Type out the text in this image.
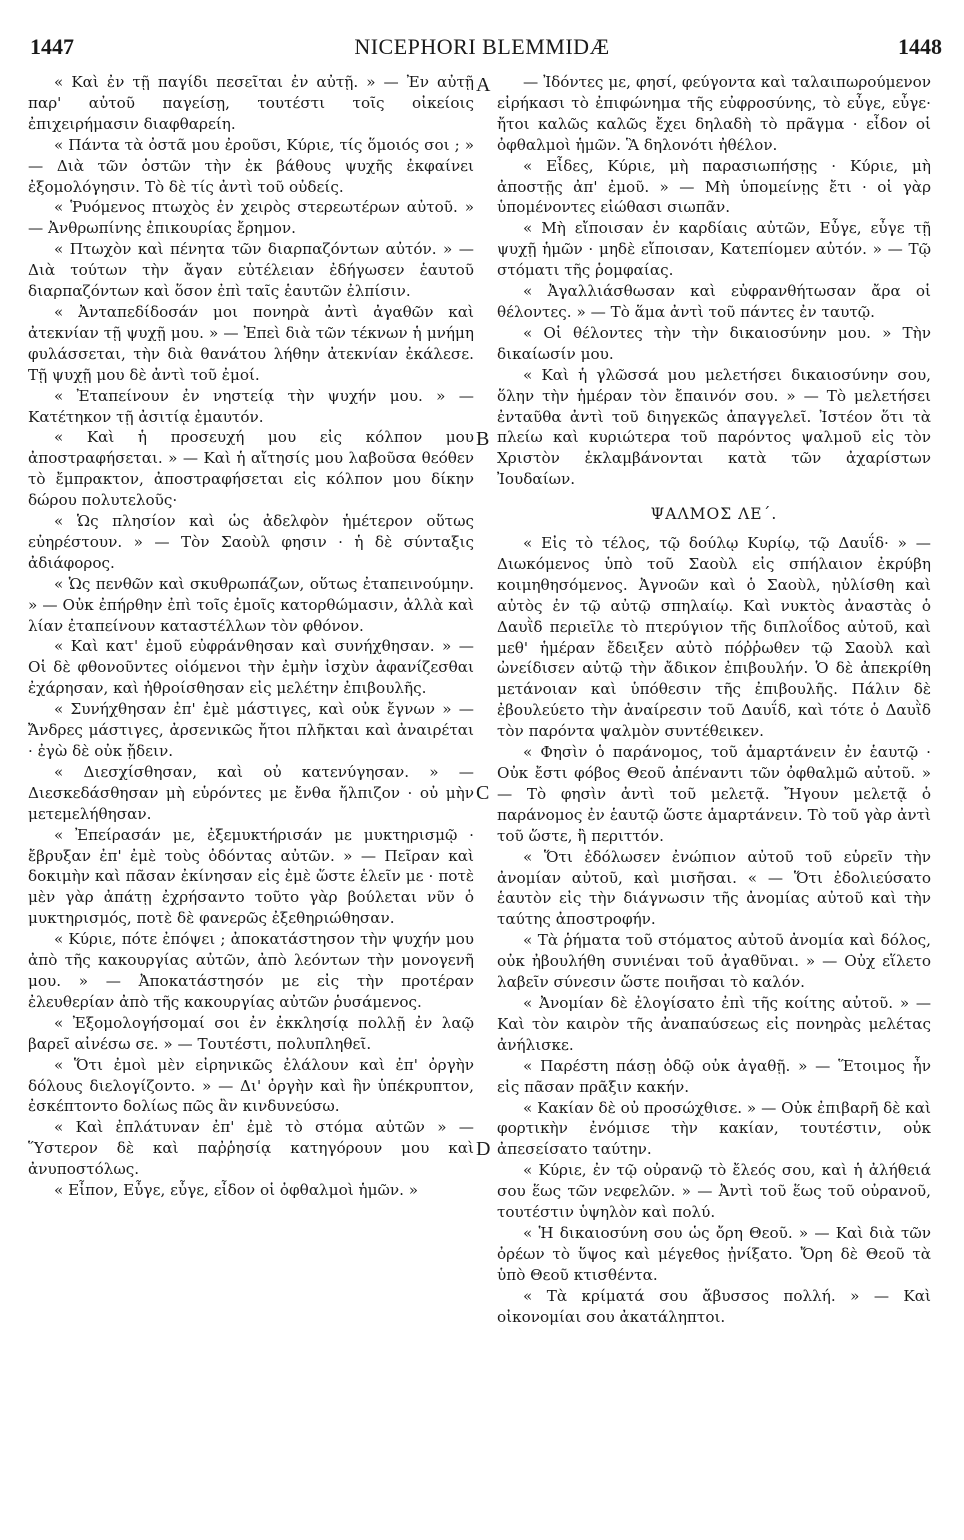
1447	NICEPHORI BLEMMIDÆ	1448
A
B
C
D

« Καὶ ἐν τῇ παγίδι πεσεῖται ἐν αὐτῇ. » — Ἐν αὐτῇ παρ' αὐτοῦ παγείσῃ, τουτέστι τοῖς οἰκείοις ἐπιχειρήμασιν διαφθαρείη.

« Πάντα τὰ ὀστᾶ μου ἐροῦσι, Κύριε, τίς ὅμοιός σοι ; » — Διὰ τῶν ὀστῶν τὴν ἐκ βάθους ψυχῆς ἐκφαίνει ἐξομολόγησιν. Τὸ δὲ τίς ἀντὶ τοῦ οὐδείς.

« Ῥυόμενος πτωχὸς ἐν χειρὸς στερεωτέρων αὐτοῦ. » — Ἀνθρωπίνης ἐπικουρίας ἔρημον.

« Πτωχὸν καὶ πένητα τῶν διαρπαζόντων αὐτόν. » — Διὰ τούτων τὴν ἄγαν εὐτέλειαν ἐδήγωσεν ἑαυτοῦ διαρπαζόντων καὶ ὅσον ἐπὶ ταῖς ἑαυτῶν ἐλπίσιν.

« Ἀνταπεδίδοσάν μοι πονηρὰ ἀντὶ ἀγαθῶν καὶ ἀτεκνίαν τῇ ψυχῇ μου. » — Ἐπεὶ διὰ τῶν τέκνων ἡ μνήμη φυλάσσεται, τὴν διὰ θανάτου λήθην ἀτεκνίαν ἐκάλεσε. Τῇ ψυχῇ μου δὲ ἀντὶ τοῦ ἐμοί.

« Ἐταπείνουν ἐν νηστείᾳ τὴν ψυχήν μου. » — Κατέτηκον τῇ ἀσιτίᾳ ἐμαυτόν.

« Καὶ ἡ προσευχή μου εἰς κόλπον μου ἀποστραφήσεται. » — Καὶ ἡ αἴτησίς μου λαβοῦσα θεόθεν τὸ ἔμπρακτον, ἀποστραφήσεται εἰς κόλπον μου δίκην δώρου πολυτελοῦς·

« Ὡς πλησίον καὶ ὡς ἀδελφὸν ἡμέτερον οὕτως εὐηρέστουν. » — Τὸν Σαοὺλ φησιν · ἡ δὲ σύνταξις ἀδιάφορος.

« Ὡς πενθῶν καὶ σκυθρωπάζων, οὕτως ἐταπεινούμην. » — Οὐκ ἐπήρθην ἐπὶ τοῖς ἐμοῖς κατορθώμασιν, ἀλλὰ καὶ λίαν ἐταπείνουν καταστέλλων τὸν φθόνον.

« Καὶ κατ' ἐμοῦ εὐφράνθησαν καὶ συνήχθησαν. » — Οἱ δὲ φθονοῦντες οἰόμενοι τὴν ἐμὴν ἰσχὺν ἀφανίζεσθαι ἐχάρησαν, καὶ ἠθροίσθησαν εἰς μελέτην ἐπιβουλῆς.

« Συνήχθησαν ἐπ' ἐμὲ μάστιγες, καὶ οὐκ ἔγνων » — Ἄνδρες μάστιγες, ἀρσενικῶς ἤτοι πλῆκται καὶ ἀναιρέται · ἐγὼ δὲ οὐκ ᾔδειν.

« Διεσχίσθησαν, καὶ οὐ κατενύγησαν. » — Διεσκεδάσθησαν μὴ εὑρόντες με ἔνθα ἤλπιζον · οὐ μὴν μετεμελήθησαν.

« Ἐπείρασάν με, ἐξεμυκτήρισάν με μυκτηρισμῷ · ἔβρυξαν ἐπ' ἐμὲ τοὺς ὀδόντας αὐτῶν. » — Πεῖραν καὶ δοκιμὴν καὶ πᾶσαν ἐκίνησαν εἰς ἐμὲ ὥστε ἑλεῖν με · ποτὲ μὲν γὰρ ἀπάτῃ ἐχρήσαντο τοῦτο γὰρ βούλεται νῦν ὁ μυκτηρισμός, ποτὲ δὲ φανερῶς ἐξεθηριώθησαν.

« Κύριε, πότε ἐπόψει ; ἀποκατάστησον τὴν ψυχήν μου ἀπὸ τῆς κακουργίας αὐτῶν, ἀπὸ λεόντων τὴν μονογενῆ μου. » — Ἀποκατάστησόν με εἰς τὴν προτέραν ἐλευθερίαν ἀπὸ τῆς κακουργίας αὐτῶν ῥυσάμενος.

« Ἐξομολογήσομαί σοι ἐν ἐκκλησίᾳ πολλῇ ἐν λαῷ βαρεῖ αἰνέσω σε. » — Τουτέστι, πολυπληθεῖ.

« Ὅτι ἐμοὶ μὲν εἰρηνικῶς ἐλάλουν καὶ ἐπ' ὀργὴν δόλους διελογίζοντο. » — Δι' ὀργὴν καὶ ἣν ὑπέκρυπτον, ἐσκέπτοντο δολίως πῶς ἂν κινδυνεύσω.

« Καὶ ἐπλάτυναν ἐπ' ἐμὲ τὸ στόμα αὐτῶν » — Ὕστερον δὲ καὶ παῤῥησίᾳ κατηγόρουν μου καὶ ἀνυποστόλως.

« Εἶπον, Εὖγε, εὖγε, εἶδον οἱ ὀφθαλμοὶ ἡμῶν. »

— Ἰδόντες με, φησί, φεύγοντα καὶ ταλαιπωρούμενον εἰρήκασι τὸ ἐπιφώνημα τῆς εὐφροσύνης, τὸ εὖγε, εὖγε· ἤτοι καλῶς καλῶς ἔχει δηλαδὴ τὸ πρᾶγμα · εἶδον οἱ ὀφθαλμοὶ ἡμῶν. Ἃ δηλονότι ἠθέλον.

« Εἶδες, Κύριε, μὴ παρασιωπήσῃς · Κύριε, μὴ ἀποστῇς ἀπ' ἐμοῦ. » — Μὴ ὑπομείνῃς ἔτι · οἱ γὰρ ὑπομένοντες εἰώθασι σιωπᾶν.

« Μὴ εἴποισαν ἐν καρδίαις αὐτῶν, Εὖγε, εὖγε τῇ ψυχῇ ἡμῶν · μηδὲ εἴποισαν, Κατεπίομεν αὐτόν. » — Τῷ στόματι τῆς ῥομφαίας.

« Ἀγαλλιάσθωσαν καὶ εὐφρανθήτωσαν ἄρα οἱ θέλοντες. » — Τὸ ἅμα ἀντὶ τοῦ πάντες ἐν ταυτῷ.

« Οἱ θέλοντες τὴν τὴν δικαιοσύνην μου. » Τὴν δικαίωσίν μου.

« Καὶ ἡ γλῶσσά μου μελετήσει δικαιοσύνην σου, ὅλην τὴν ἡμέραν τὸν ἔπαινόν σου. » — Τὸ μελετήσει ἐνταῦθα ἀντὶ τοῦ διηγεκῶς ἀπαγγελεῖ. Ἰστέον ὅτι τὰ πλείω καὶ κυριώτερα τοῦ παρόντος ψαλμοῦ εἰς τὸν Χριστὸν ἐκλαμβάνονται κατὰ τῶν ἀχαρίστων Ἰουδαίων.

ΨΑΛΜΟΣ ΛΕ΄.

« Εἰς τὸ τέλος, τῷ δούλῳ Κυρίῳ, τῷ Δαυΐδ· » — Διωκόμενος ὑπὸ τοῦ Σαοὺλ εἰς σπήλαιον ἐκρύβη κοιμηθησόμενος. Ἀγνοῶν καὶ ὁ Σαοὺλ, ηὐλίσθη καὶ αὐτὸς ἐν τῷ αὐτῷ σπηλαίῳ. Καὶ νυκτὸς ἀναστὰς ὁ Δαυῒδ περιεῖλε τὸ πτερύγιον τῆς διπλοΐδος αὐτοῦ, καὶ μεθ' ἡμέραν ἔδειξεν αὐτὸ πόῤῥωθεν τῷ Σαοὺλ καὶ ὠνείδισεν αὐτῷ τὴν ἄδικον ἐπιβουλήν. Ὁ δὲ ἀπεκρίθη μετάνοιαν καὶ ὑπόθεσιν τῆς ἐπιβουλῆς. Πάλιν δὲ ἐβουλεύετο τὴν ἀναίρεσιν τοῦ Δαυΐδ, καὶ τότε ὁ Δαυῒδ τὸν παρόντα ψαλμὸν συντέθεικεν.

« Φησὶν ὁ παράνομος, τοῦ ἁμαρτάνειν ἐν ἑαυτῷ · Οὐκ ἔστι φόβος Θεοῦ ἀπέναντι τῶν ὀφθαλμῶ αὐτοῦ. » — Τὸ φησὶν ἀντὶ τοῦ μελετᾷ. Ἤγουν μελετᾷ ὁ παράνομος ἐν ἑαυτῷ ὥστε ἁμαρτάνειν. Τὸ τοῦ γὰρ ἀντὶ τοῦ ὥστε, ἢ περιττόν.

« Ὅτι ἐδόλωσεν ἐνώπιον αὐτοῦ τοῦ εὑρεῖν τὴν ἀνομίαν αὐτοῦ, καὶ μισῆσαι. « — Ὅτι ἐδολιεύσατο ἑαυτὸν εἰς τὴν διάγνωσιν τῆς ἀνομίας αὐτοῦ καὶ τὴν ταύτης ἀποστροφήν.

« Τὰ ῥήματα τοῦ στόματος αὐτοῦ ἀνομία καὶ δόλος, οὐκ ἠβουλήθη συνιέναι τοῦ ἀγαθῦναι. » — Οὐχ εἵλετο λαβεῖν σύνεσιν ὥστε ποιῆσαι τὸ καλόν.

« Ἀνομίαν δὲ ἐλογίσατο ἐπὶ τῆς κοίτης αὐτοῦ. » — Καὶ τὸν καιρὸν τῆς ἀναπαύσεως εἰς πονηρὰς μελέτας ἀνήλισκε.

« Παρέστη πάσῃ ὁδῷ οὐκ ἀγαθῇ. » — Ἕτοιμος ἦν εἰς πᾶσαν πρᾶξιν κακήν.

« Κακίαν δὲ οὐ προσώχθισε. » — Οὐκ ἐπιβαρῆ δὲ καὶ φορτικὴν ἐνόμισε τὴν κακίαν, τουτέστιν, οὐκ ἀπεσείσατο ταύτην.

« Κύριε, ἐν τῷ οὐρανῷ τὸ ἔλεός σου, καὶ ἡ ἀλήθειά σου ἕως τῶν νεφελῶν. » — Ἀντὶ τοῦ ἕως τοῦ οὐρανοῦ, τουτέστιν ὑψηλὸν καὶ πολύ.

« Ἡ δικαιοσύνη σου ὡς ὄρη Θεοῦ. » — Καὶ διὰ τῶν ὀρέων τὸ ὕψος καὶ μέγεθος ᾐνίξατο. Ὄρη δὲ Θεοῦ τὰ ὑπὸ Θεοῦ κτισθέντα.

« Τὰ κρίματά σου ἄβυσσος πολλή. » — Καὶ οἰκονομίαι σου ἀκατάληπτοι.
